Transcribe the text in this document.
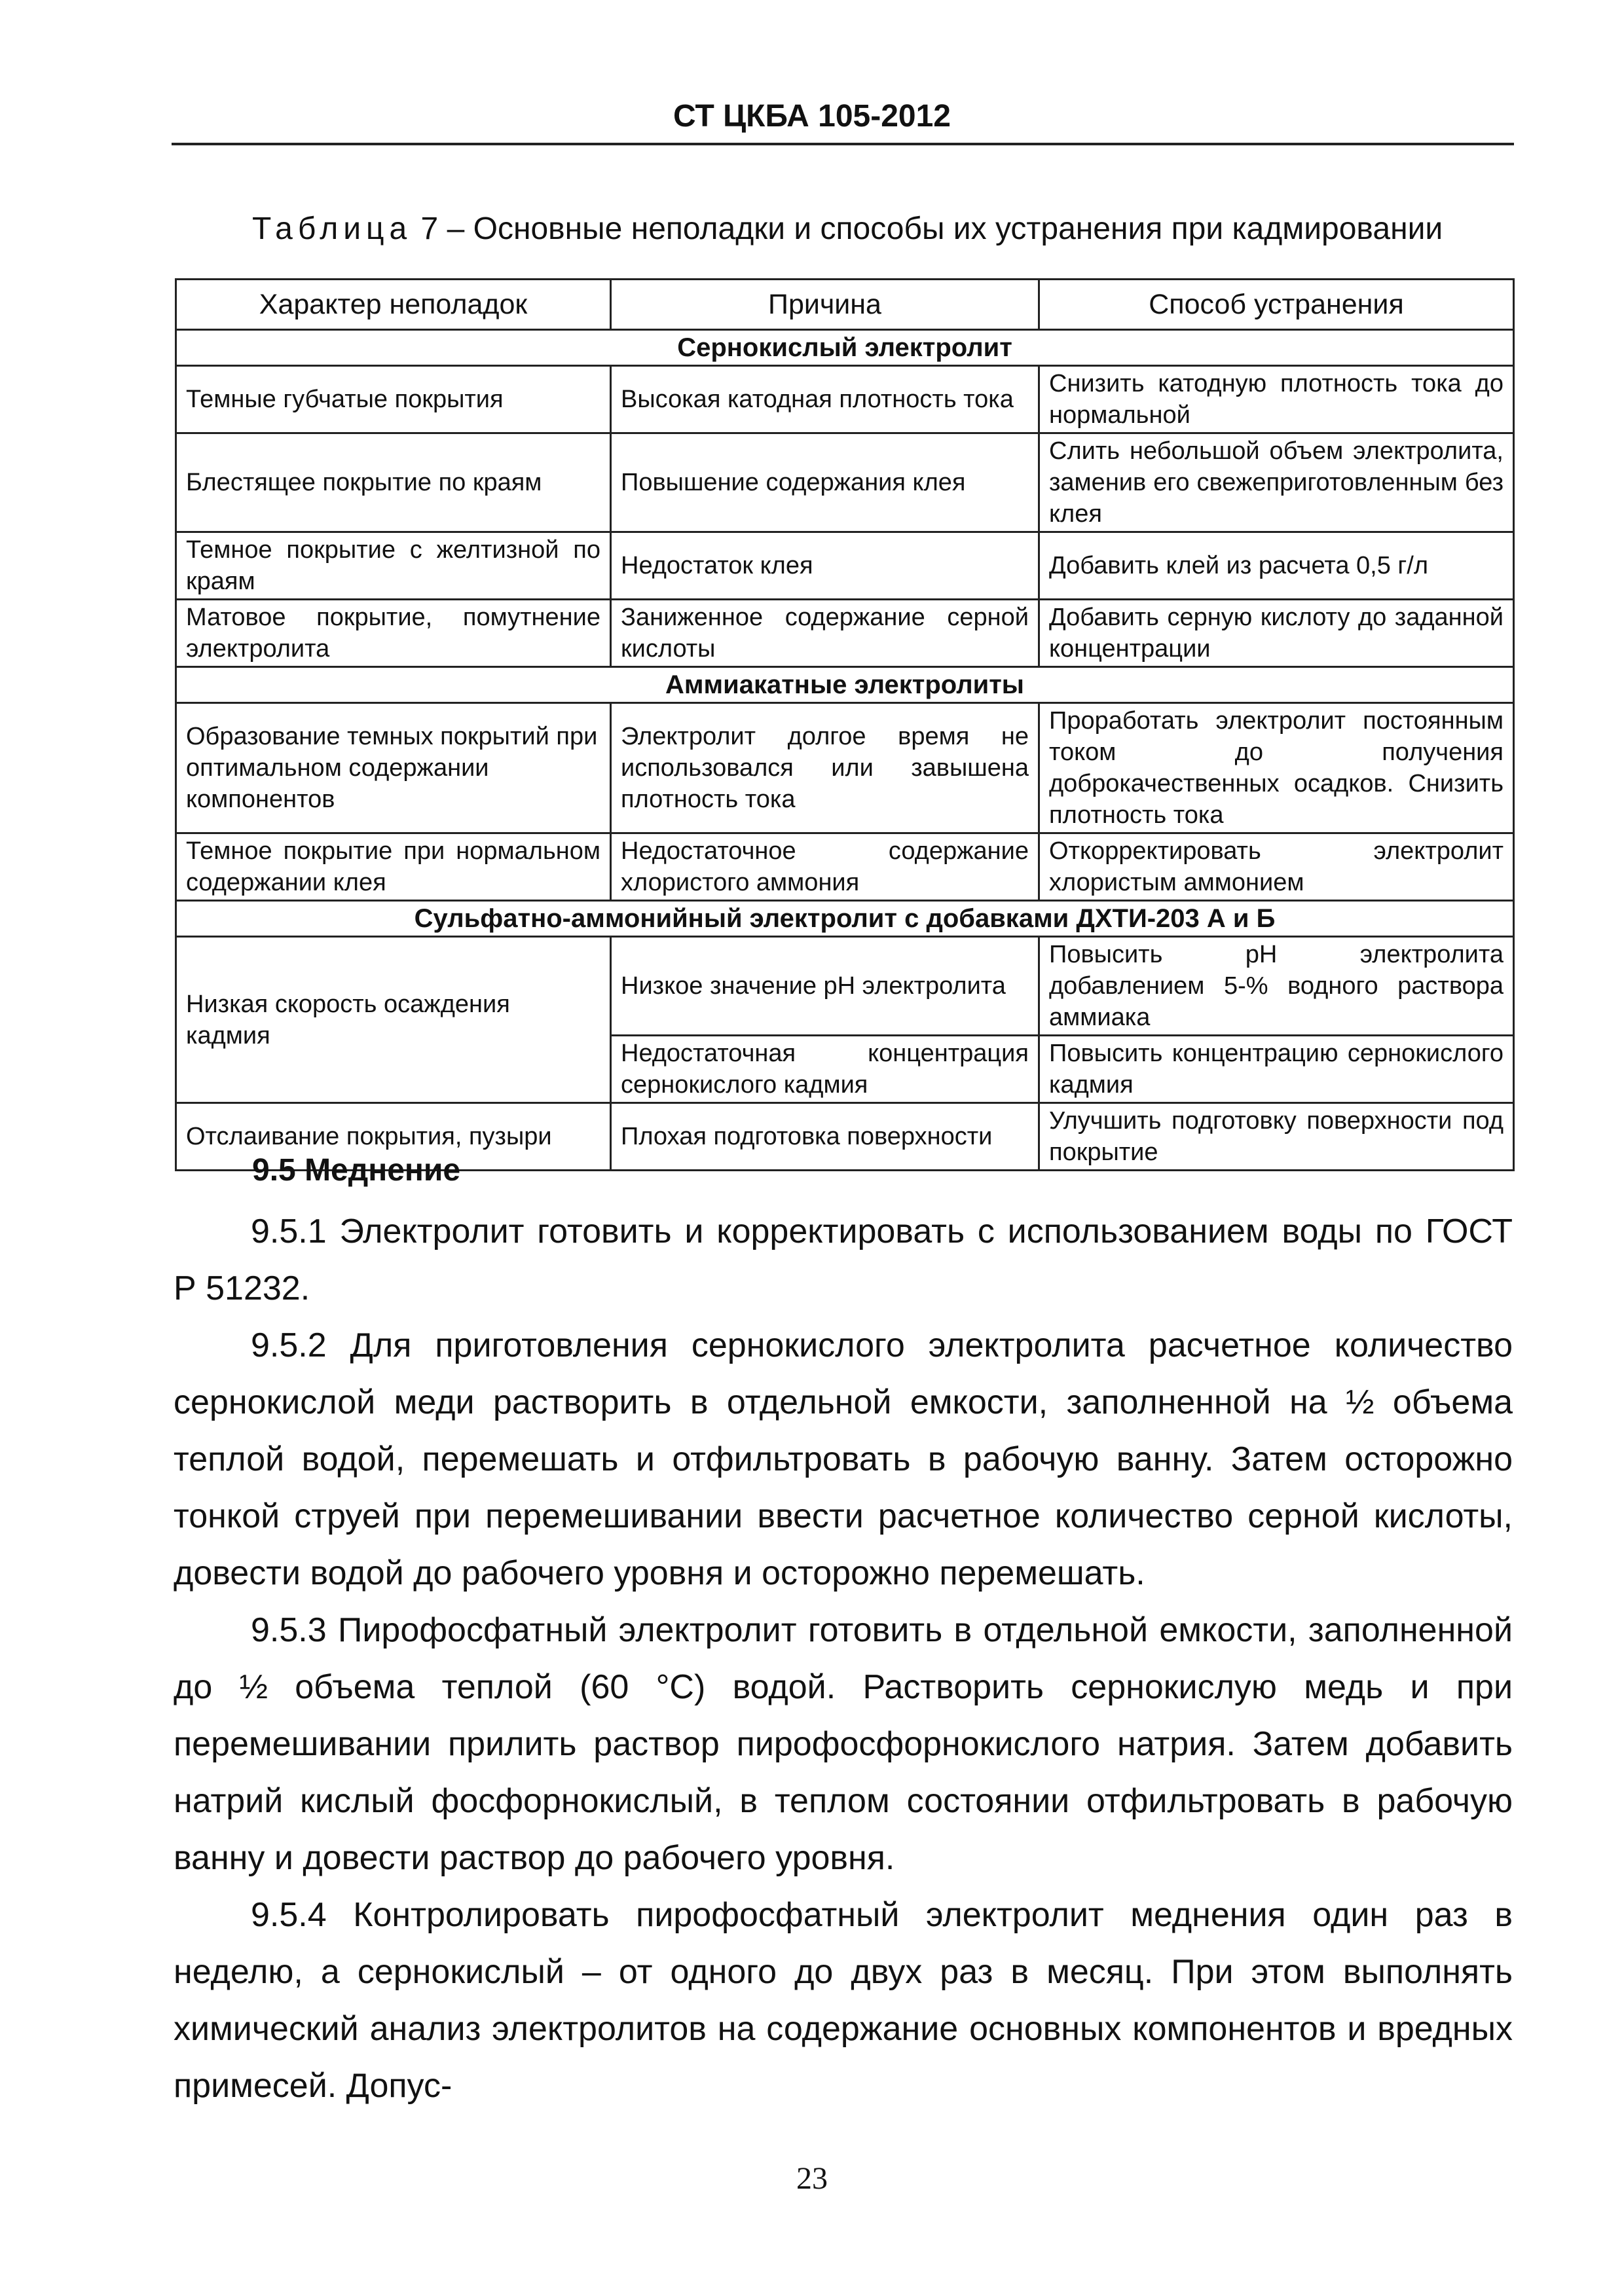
СТ ЦКБА 105-2012
Таблица 7 – Основные неполадки и способы их устранения при кадмировании
Характер неполадок	Причина	Способ устранения
Сернокислый электролит		
Темные губчатые покрытия	Высокая катодная плотность тока	Снизить катодную плотность тока до нормальной
Блестящее покрытие по краям	Повышение содержания клея	Слить небольшой объем электролита, заменив его свежеприготовленным без клея
Темное покрытие с желтизной по краям	Недостаток клея	Добавить клей из расчета 0,5 г/л
Матовое покрытие, помутнение электролита	Заниженное содержание серной кислоты	Добавить серную кислоту до заданной концентрации
Аммиакатные электролиты		
Образование темных покрытий при оптимальном содержании компонентов	Электролит долгое время не использовался или завышена плотность тока	Проработать электролит постоянным током до получения доброкачественных осадков. Снизить плотность тока
Темное покрытие при нормальном содержании клея	Недостаточное содержание хлористого аммония	Откорректировать электролит хлористым аммонием
Сульфатно-аммонийный электролит с добавками ДХТИ-203 А и Б		
Низкая скорость осаждения кадмия	Низкое значение pH электролита	Повысить pH электролита добавлением 5-% водного раствора аммиака
	Недостаточная концентрация сернокислого кадмия	Повысить концентрацию сернокислого кадмия
Отслаивание покрытия, пузыри	Плохая подготовка поверхности	Улучшить подготовку поверхности под покрытие
9.5 Меднение

9.5.1 Электролит готовить и корректировать с использованием воды по ГОСТ Р 51232.

9.5.2 Для приготовления сернокислого электролита расчетное количество сернокислой меди растворить в отдельной емкости, заполненной на ½ объема теплой водой, перемешать и отфильтровать в рабочую ванну. Затем осторожно тонкой струей при перемешивании ввести расчетное количество серной кислоты, довести водой до рабочего уровня и осторожно перемешать.

9.5.3 Пирофосфатный электролит готовить в отдельной емкости, заполненной до ½ объема теплой (60 °С) водой. Растворить сернокислую медь и при перемешивании прилить раствор пирофосфорнокислого натрия. Затем добавить натрий кислый фосфорнокислый, в теплом состоянии отфильтровать в рабочую ванну и довести раствор до рабочего уровня.

9.5.4 Контролировать пирофосфатный электролит меднения один раз в неделю, а сернокислый – от одного до двух раз в месяц. При этом выполнять химический анализ электролитов на содержание основных компонентов и вредных примесей. Допус-

23
